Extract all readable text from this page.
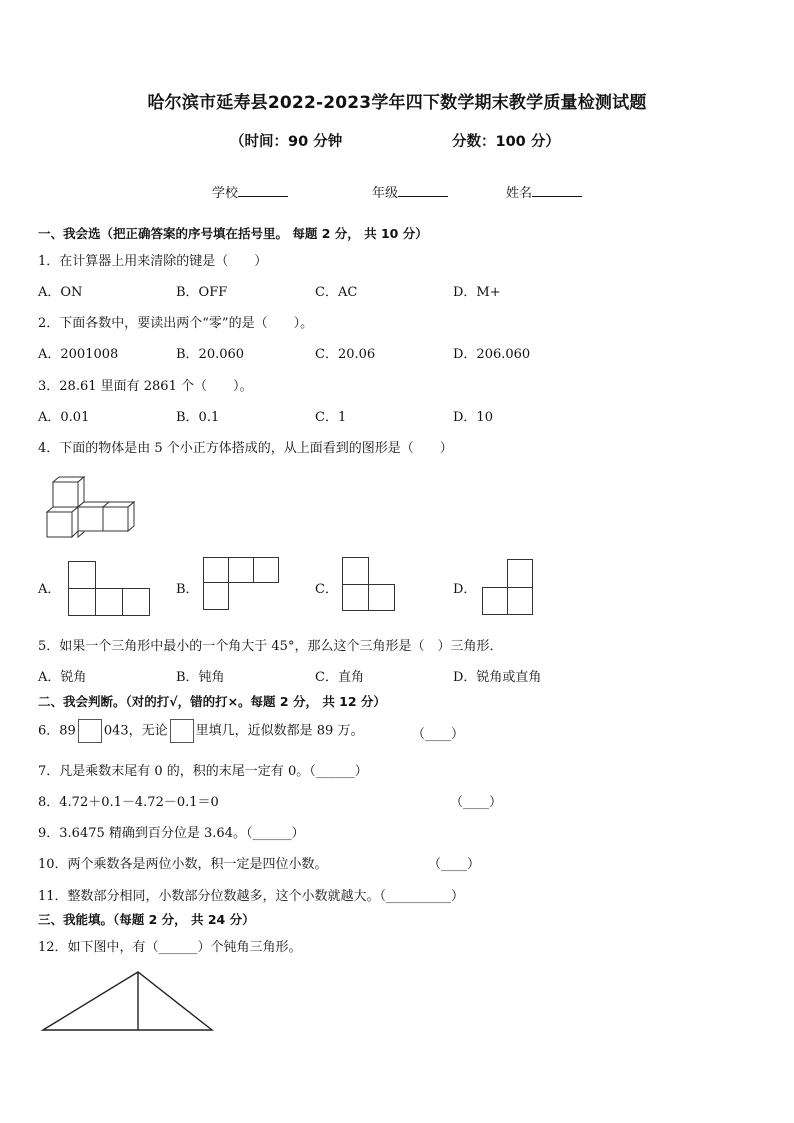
哈尔滨市延寿县2022-2023学年四下数学期末教学质量检测试题
（时间：90 分钟	分数：100 分）
学校	年级	姓名
一、我会选（把正确答案的序号填在括号里。 每题 2 分， 共 10 分）
1．在计算器上用来清除的键是（　　）
A．ON	B．OFF	C．AC	D．M+
2．下面各数中，要读出两个“零”的是（　　）。
A．2001008	B．20.060	C．20.06	D．206.060
3．28.61 里面有 2861 个（　　）。
A．0.01	B．0.1	C．1	D．10
4．下面的物体是由 5 个小正方体搭成的，从上面看到的图形是（　　）
A．	B．	C．	D．
5．如果一个三角形中最小的一个角大于 45°，那么这个三角形是（　）三角形．
A．锐角	B．钝角	C．直角	D．锐角或直角
二、我会判断。（对的打√，错的打×。每题 2 分， 共 12 分）
6．89 043，无论 里填几，近似数都是 89 万。	（____）
7．凡是乘数末尾有 0 的，积的末尾一定有 0。（______）
8．4.72＋0.1－4.72－0.1＝0	（____）
9．3.6475 精确到百分位是 3.64。（______）
10．两个乘数各是两位小数，积一定是四位小数。	（____）
11．整数部分相同，小数部分位数越多，这个小数就越大。（__________）
三、我能填。（每题 2 分， 共 24 分）
12．如下图中，有（______）个钝角三角形。
